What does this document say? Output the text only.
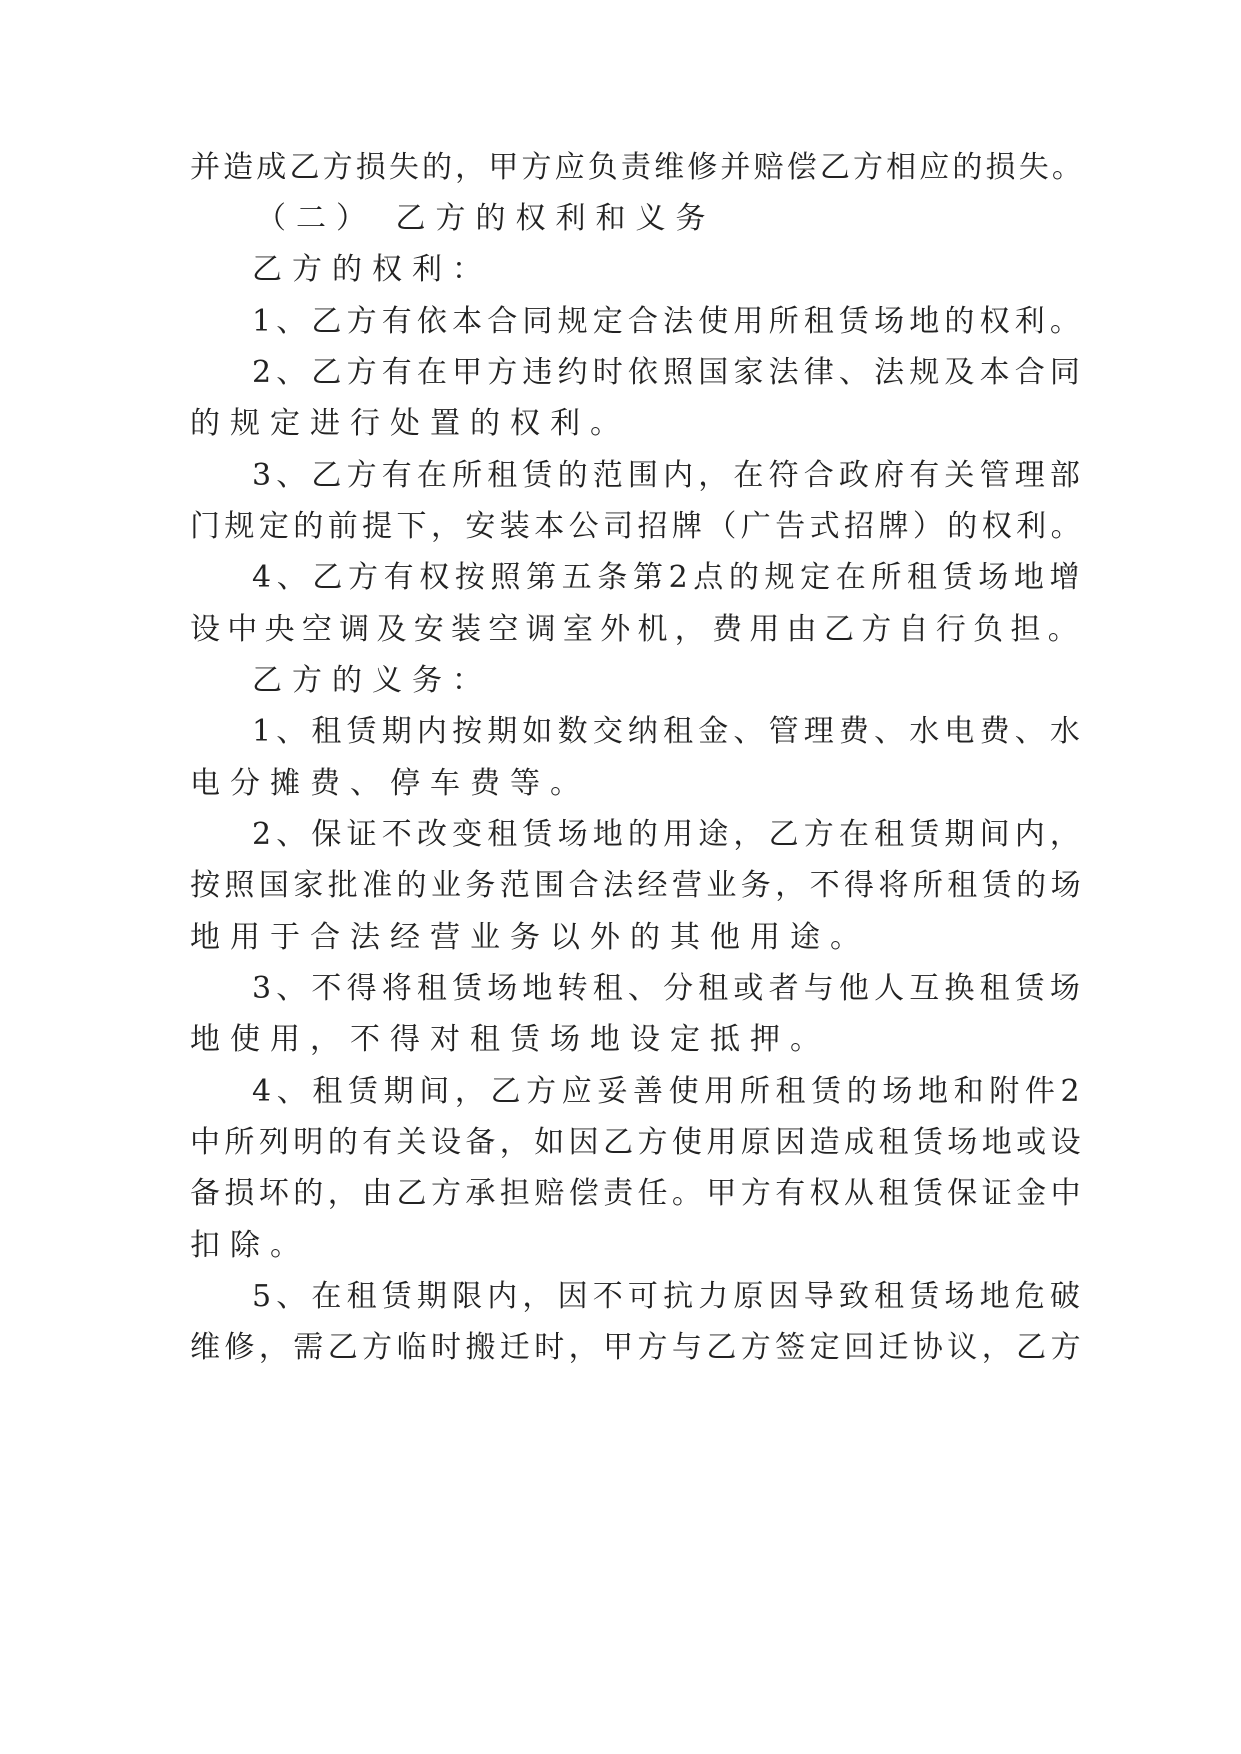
并造成乙方损失的，甲方应负责维修并赔偿乙方相应的损失。
（二） 乙方的权利和义务
乙方的权利：
1、乙方有依本合同规定合法使用所租赁场地的权利。
2、乙方有在甲方违约时依照国家法律、法规及本合同
的规定进行处置的权利。
3、乙方有在所租赁的范围内，在符合政府有关管理部
门规定的前提下，安装本公司招牌（广告式招牌）的权利。
4、乙方有权按照第五条第2点的规定在所租赁场地增
设中央空调及安装空调室外机，费用由乙方自行负担。
乙方的义务：
1、租赁期内按期如数交纳租金、管理费、水电费、水
电分摊费、停车费等。
2、保证不改变租赁场地的用途，乙方在租赁期间内，
按照国家批准的业务范围合法经营业务，不得将所租赁的场
地用于合法经营业务以外的其他用途。
3、不得将租赁场地转租、分租或者与他人互换租赁场
地使用，不得对租赁场地设定抵押。
4、租赁期间，乙方应妥善使用所租赁的场地和附件2
中所列明的有关设备，如因乙方使用原因造成租赁场地或设
备损坏的，由乙方承担赔偿责任。甲方有权从租赁保证金中
扣除。
5、在租赁期限内，因不可抗力原因导致租赁场地危破
维修，需乙方临时搬迁时，甲方与乙方签定回迁协议，乙方
